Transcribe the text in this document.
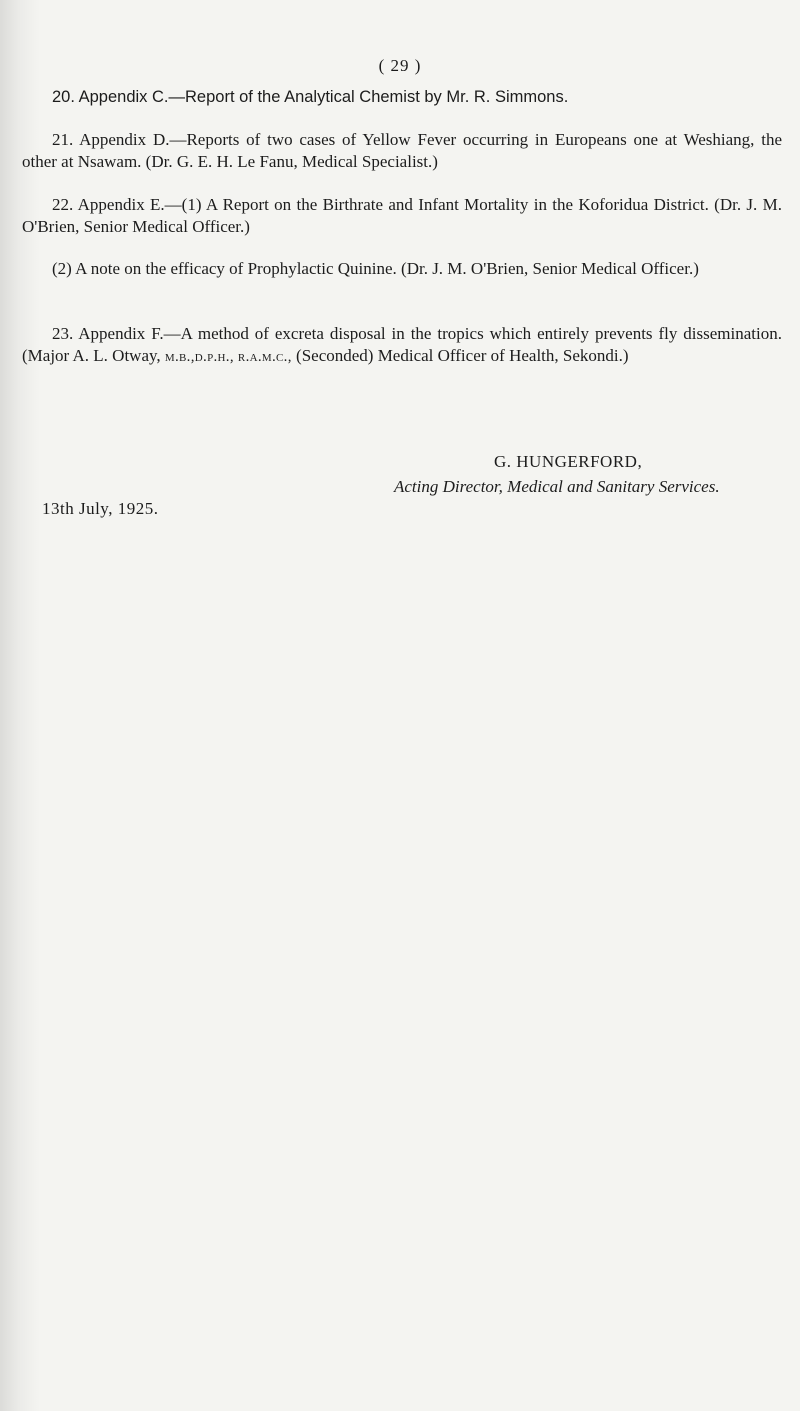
( 29 )
20. Appendix C.—Report of the Analytical Chemist by Mr. R. Simmons.
21. Appendix D.—Reports of two cases of Yellow Fever occurring in Europeans one at Weshiang, the other at Nsawam. (Dr. G. E. H. Le Fanu, Medical Specialist.)
22. Appendix E.—(1) A Report on the Birthrate and Infant Mortality in the Koforidua District. (Dr. J. M. O'Brien, Senior Medical Officer.)
(2) A note on the efficacy of Prophylactic Quinine. (Dr. J. M. O'Brien, Senior Medical Officer.)
23. Appendix F.—A method of excreta disposal in the tropics which entirely prevents fly dissemination. (Major A. L. Otway, m.b.,d.p.h., r.a.m.c., (Seconded) Medical Officer of Health, Sekondi.)
G. HUNGERFORD,
Acting Director, Medical and Sanitary Services.
13th July, 1925.
